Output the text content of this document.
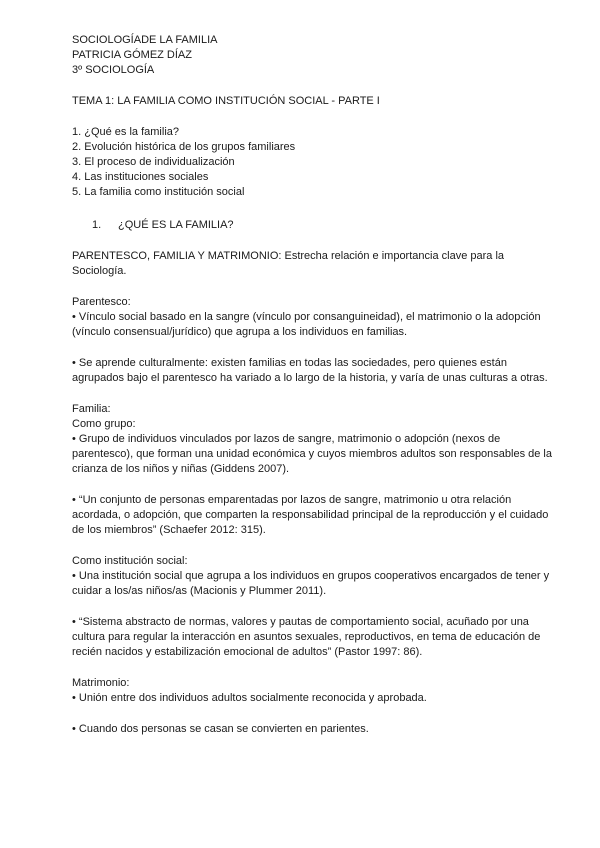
SOCIOLOGÍADE LA FAMILIA
PATRICIA GÓMEZ DÍAZ
3º SOCIOLOGÍA
TEMA 1: LA FAMILIA COMO INSTITUCIÓN SOCIAL - PARTE I
1. ¿Qué es la familia?
2. Evolución histórica de los grupos familiares
3. El proceso de individualización
4. Las instituciones sociales
5. La familia como institución social
1. ¿QUÉ ES LA FAMILIA?

PARENTESCO, FAMILIA Y MATRIMONIO: Estrecha relación e importancia clave para la Sociología.

Parentesco:

• Vínculo social basado en la sangre (vínculo por consanguineidad), el matrimonio o la adopción (vínculo consensual/jurídico) que agrupa a los individuos en familias.

• Se aprende culturalmente: existen familias en todas las sociedades, pero quienes están agrupados bajo el parentesco ha variado a lo largo de la historia, y varía de unas culturas a otras.

Familia:

Como grupo:

• Grupo de individuos vinculados por lazos de sangre, matrimonio o adopción (nexos de parentesco), que forman una unidad económica y cuyos miembros adultos son responsables de la crianza de los niños y niñas (Giddens 2007).

• “Un conjunto de personas emparentadas por lazos de sangre, matrimonio u otra relación acordada, o adopción, que comparten la responsabilidad principal de la reproducción y el cuidado de los miembros” (Schaefer 2012: 315).

Como institución social:

• Una institución social que agrupa a los individuos en grupos cooperativos encargados de tener y cuidar a los/as niños/as (Macionis y Plummer 2011).

• “Sistema abstracto de normas, valores y pautas de comportamiento social, acuñado por una cultura para regular la interacción en asuntos sexuales, reproductivos, en tema de educación de recién nacidos y estabilización emocional de adultos” (Pastor 1997: 86).

Matrimonio:

• Unión entre dos individuos adultos socialmente reconocida y aprobada.

• Cuando dos personas se casan se convierten en parientes.
